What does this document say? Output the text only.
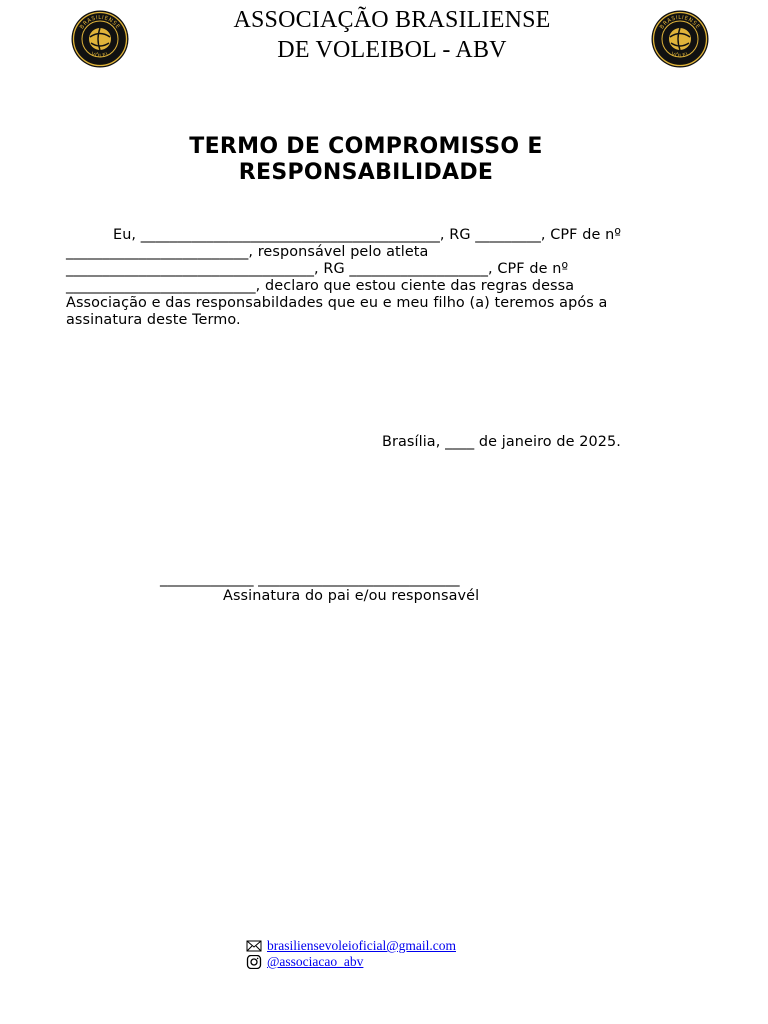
BRASILIENSE
VÔLEI
ASSOCIAÇÃO BRASILIENSE
DE VOLEIBOL - ABV
BRASILIENSE
VÔLEI
TERMO DE COMPROMISSO E
RESPONSABILIDADE
Eu, _________________________________________, RG _________, CPF de nº
_________________________, responsável pelo atleta
__________________________________, RG ___________________, CPF de nº
__________________________, declaro que estou ciente das regras dessa
Associação e das responsabildades que eu e meu filho (a) teremos após a
assinatura deste Termo.
Brasília, ____ de janeiro de 2025.
_____________ ____________________________
Assinatura do pai e/ou responsavél
brasiliensevoleioficial@gmail.com
@associacao_abv
